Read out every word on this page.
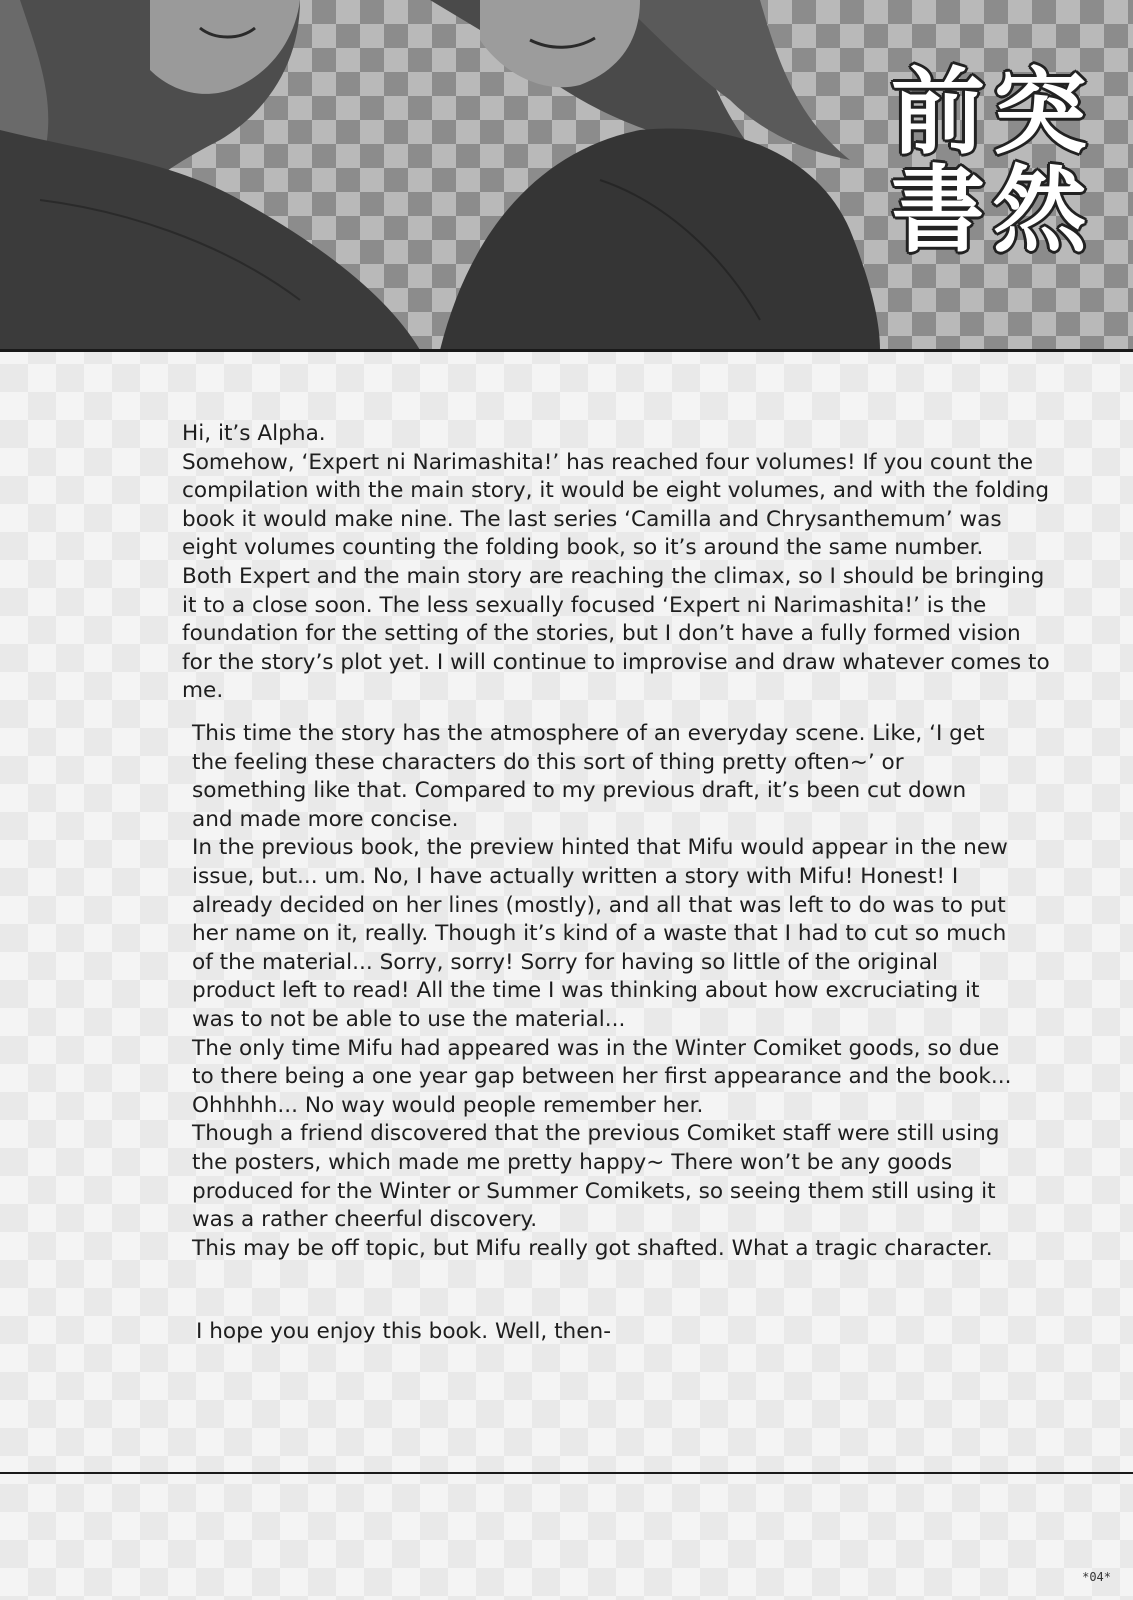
突然前書

Hi, it’s Alpha.

Somehow, ‘Expert ni Narimashita!’ has reached four volumes! If you count the compilation with the main story, it would be eight volumes, and with the folding book it would make nine. The last series ‘Camilla and Chrysanthemum’ was eight volumes counting the folding book, so it’s around the same number.

Both Expert and the main story are reaching the climax, so I should be bringing it to a close soon. The less sexually focused ‘Expert ni Narimashita!’ is the foundation for the setting of the stories, but I don’t have a fully formed vision for the story’s plot yet. I will continue to improvise and draw whatever comes to me.

This time the story has the atmosphere of an everyday scene. Like, ‘I get the feeling these characters do this sort of thing pretty often~’ or something like that. Compared to my previous draft, it’s been cut down and made more concise.

In the previous book, the preview hinted that Mifu would appear in the new issue, but... um. No, I have actually written a story with Mifu! Honest! I already decided on her lines (mostly), and all that was left to do was to put her name on it, really. Though it’s kind of a waste that I had to cut so much of the material... Sorry, sorry! Sorry for having so little of the original product left to read! All the time I was thinking about how excruciating it was to not be able to use the material...

The only time Mifu had appeared was in the Winter Comiket goods, so due to there being a one year gap between her first appearance and the book... Ohhhhh... No way would people remember her.

Though a friend discovered that the previous Comiket staff were still using the posters, which made me pretty happy~ There won’t be any goods produced for the Winter or Summer Comikets, so seeing them still using it was a rather cheerful discovery.

This may be off topic, but Mifu really got shafted. What a tragic character.

I hope you enjoy this book. Well, then-

*04*
